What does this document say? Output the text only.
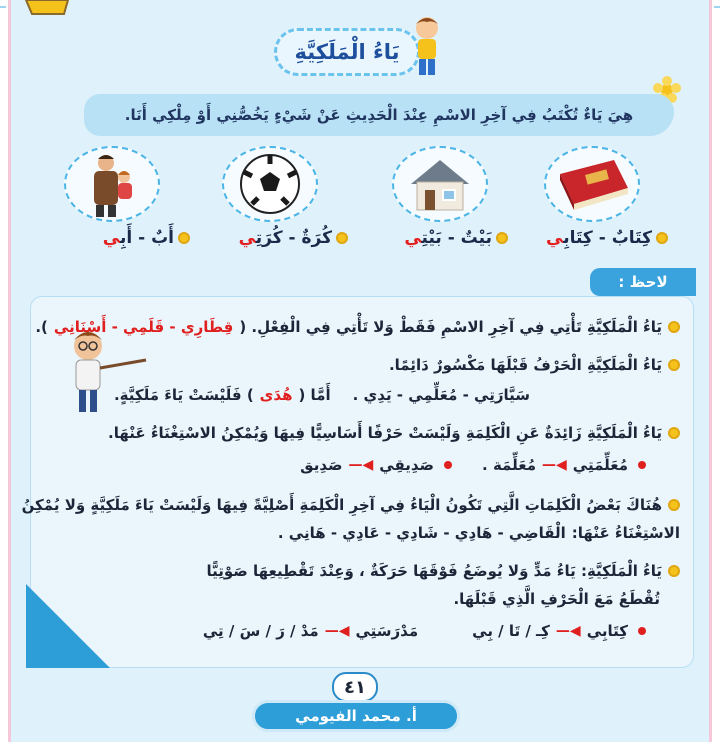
يَاءُ الْمَلَكِيَّةِ
هِيَ يَاءٌ تُكْتَبُ فِي آخِرِ الاسْمِ عِنْدَ الْحَدِيثِ عَنْ شَيْءٍ يَخُصُّنِي أَوْ مِلْكِي أَنَا.
كِتَابٌ - كِتَابِي
بَيْتٌ - بَيْتِي
كُرَةٌ - كُرَتِي
أَبٌ - أَبِي
لاحظ :
يَاءُ الْمَلَكِيَّةِ تَأْتِي فِي آخِرِ الاسْمِ فَقَطْ وَلا تَأْتِي فِي الْفِعْلِ. (
قِطَارِي - قَلَمِي - أَسْنَانِي
).
يَاءُ الْمَلَكِيَّةِ الْحَرْفُ قَبْلَهَا مَكْسُورٌ دَائِمًا.
سَيَّارَتِي - مُعَلِّمِي - يَدِي .
أَمَّا (
هُدَى
) فَلَيْسَتْ يَاءَ مَلَكِيَّةٍ.
يَاءُ الْمَلَكِيَّةِ زَائِدَةٌ عَنِ الْكَلِمَةِ وَلَيْسَتْ حَرْفًا أَسَاسِيًّا فِيهَا وَيُمْكِنُ الاسْتِغْنَاءُ عَنْهَا.
مُعَلِّمَتِي
◀—
مُعَلِّمَة .
صَدِيقِي
◀—
صَدِيق
هُنَاكَ بَعْضُ الْكَلِمَاتِ الَّتِي تَكُونُ الْيَاءُ فِي آخِرِ الْكَلِمَةِ أَصْلِيَّةً فِيهَا وَلَيْسَتْ يَاءَ مَلَكِيَّةٍ وَلا يُمْكِنُ
الاسْتِغْنَاءُ عَنْهَا:
الْقَاضِي - هَادِي - شَادِي - عَادِي - هَانِي .
يَاءُ الْمَلَكِيَّةِ: يَاءُ مَدٍّ وَلا يُوضَعُ فَوْقَهَا حَرَكَةٌ ، وَعِنْدَ تَقْطِيعِهَا صَوْتِيًّا
تُقْطَعُ مَعَ الْحَرْفِ الَّذِي قَبْلَهَا.
كِتَابِي
◀—
كِـ / تَا / بِي
مَدْرَسَتِي
◀—
مَدْ / رَ / سَ / تِي
٤١
أ. محمد الفيومي
